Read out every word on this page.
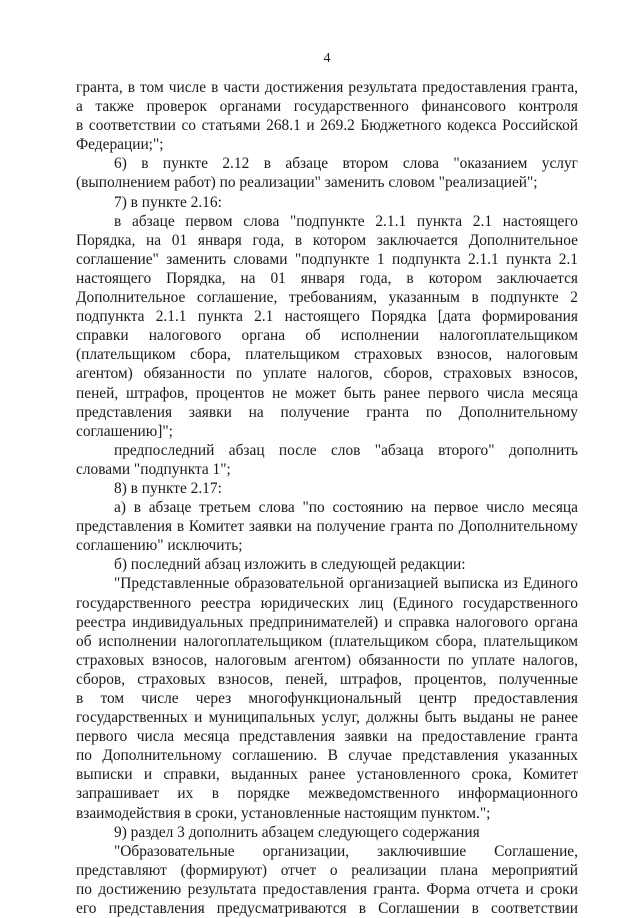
4
гранта, в том числе в части достижения результата предоставления гранта,
а также проверок органами государственного финансового контроля
в соответствии со статьями 268.1 и 269.2 Бюджетного кодекса Российской
Федерации;";
6) в пункте 2.12 в абзаце втором слова "оказанием услуг
(выполнением работ) по реализации" заменить словом "реализацией";
7) в пункте 2.16:
в абзаце первом слова "подпункте 2.1.1 пункта 2.1 настоящего
Порядка, на 01 января года, в котором заключается Дополнительное
соглашение" заменить словами "подпункте 1 подпункта 2.1.1 пункта 2.1
настоящего Порядка, на 01 января года, в котором заключается
Дополнительное соглашение, требованиям, указанным в подпункте 2
подпункта 2.1.1 пункта 2.1 настоящего Порядка [дата формирования
справки налогового органа об исполнении налогоплательщиком
(плательщиком сбора, плательщиком страховых взносов, налоговым
агентом) обязанности по уплате налогов, сборов, страховых взносов,
пеней, штрафов, процентов не может быть ранее первого числа месяца
представления заявки на получение гранта по Дополнительному
соглашению]";
предпоследний абзац после слов "абзаца второго" дополнить
словами "подпункта 1";
8) в пункте 2.17:
а) в абзаце третьем слова "по состоянию на первое число месяца
представления в Комитет заявки на получение гранта по Дополнительному
соглашению" исключить;
б) последний абзац изложить в следующей редакции:
"Представленные образовательной организацией выписка из Единого
государственного реестра юридических лиц (Единого государственного
реестра индивидуальных предпринимателей) и справка налогового органа
об исполнении налогоплательщиком (плательщиком сбора, плательщиком
страховых взносов, налоговым агентом) обязанности по уплате налогов,
сборов, страховых взносов, пеней, штрафов, процентов, полученные
в том числе через многофункциональный центр предоставления
государственных и муниципальных услуг, должны быть выданы не ранее
первого числа месяца представления заявки на предоставление гранта
по Дополнительному соглашению. В случае представления указанных
выписки и справки, выданных ранее установленного срока, Комитет
запрашивает их в порядке межведомственного информационного
взаимодействия в сроки, установленные настоящим пунктом.";
9) раздел 3 дополнить абзацем следующего содержания
"Образовательные организации, заключившие Соглашение,
представляют (формируют) отчет о реализации плана мероприятий
по достижению результата предоставления гранта. Форма отчета и сроки
его представления предусматриваются в Соглашении в соответствии
